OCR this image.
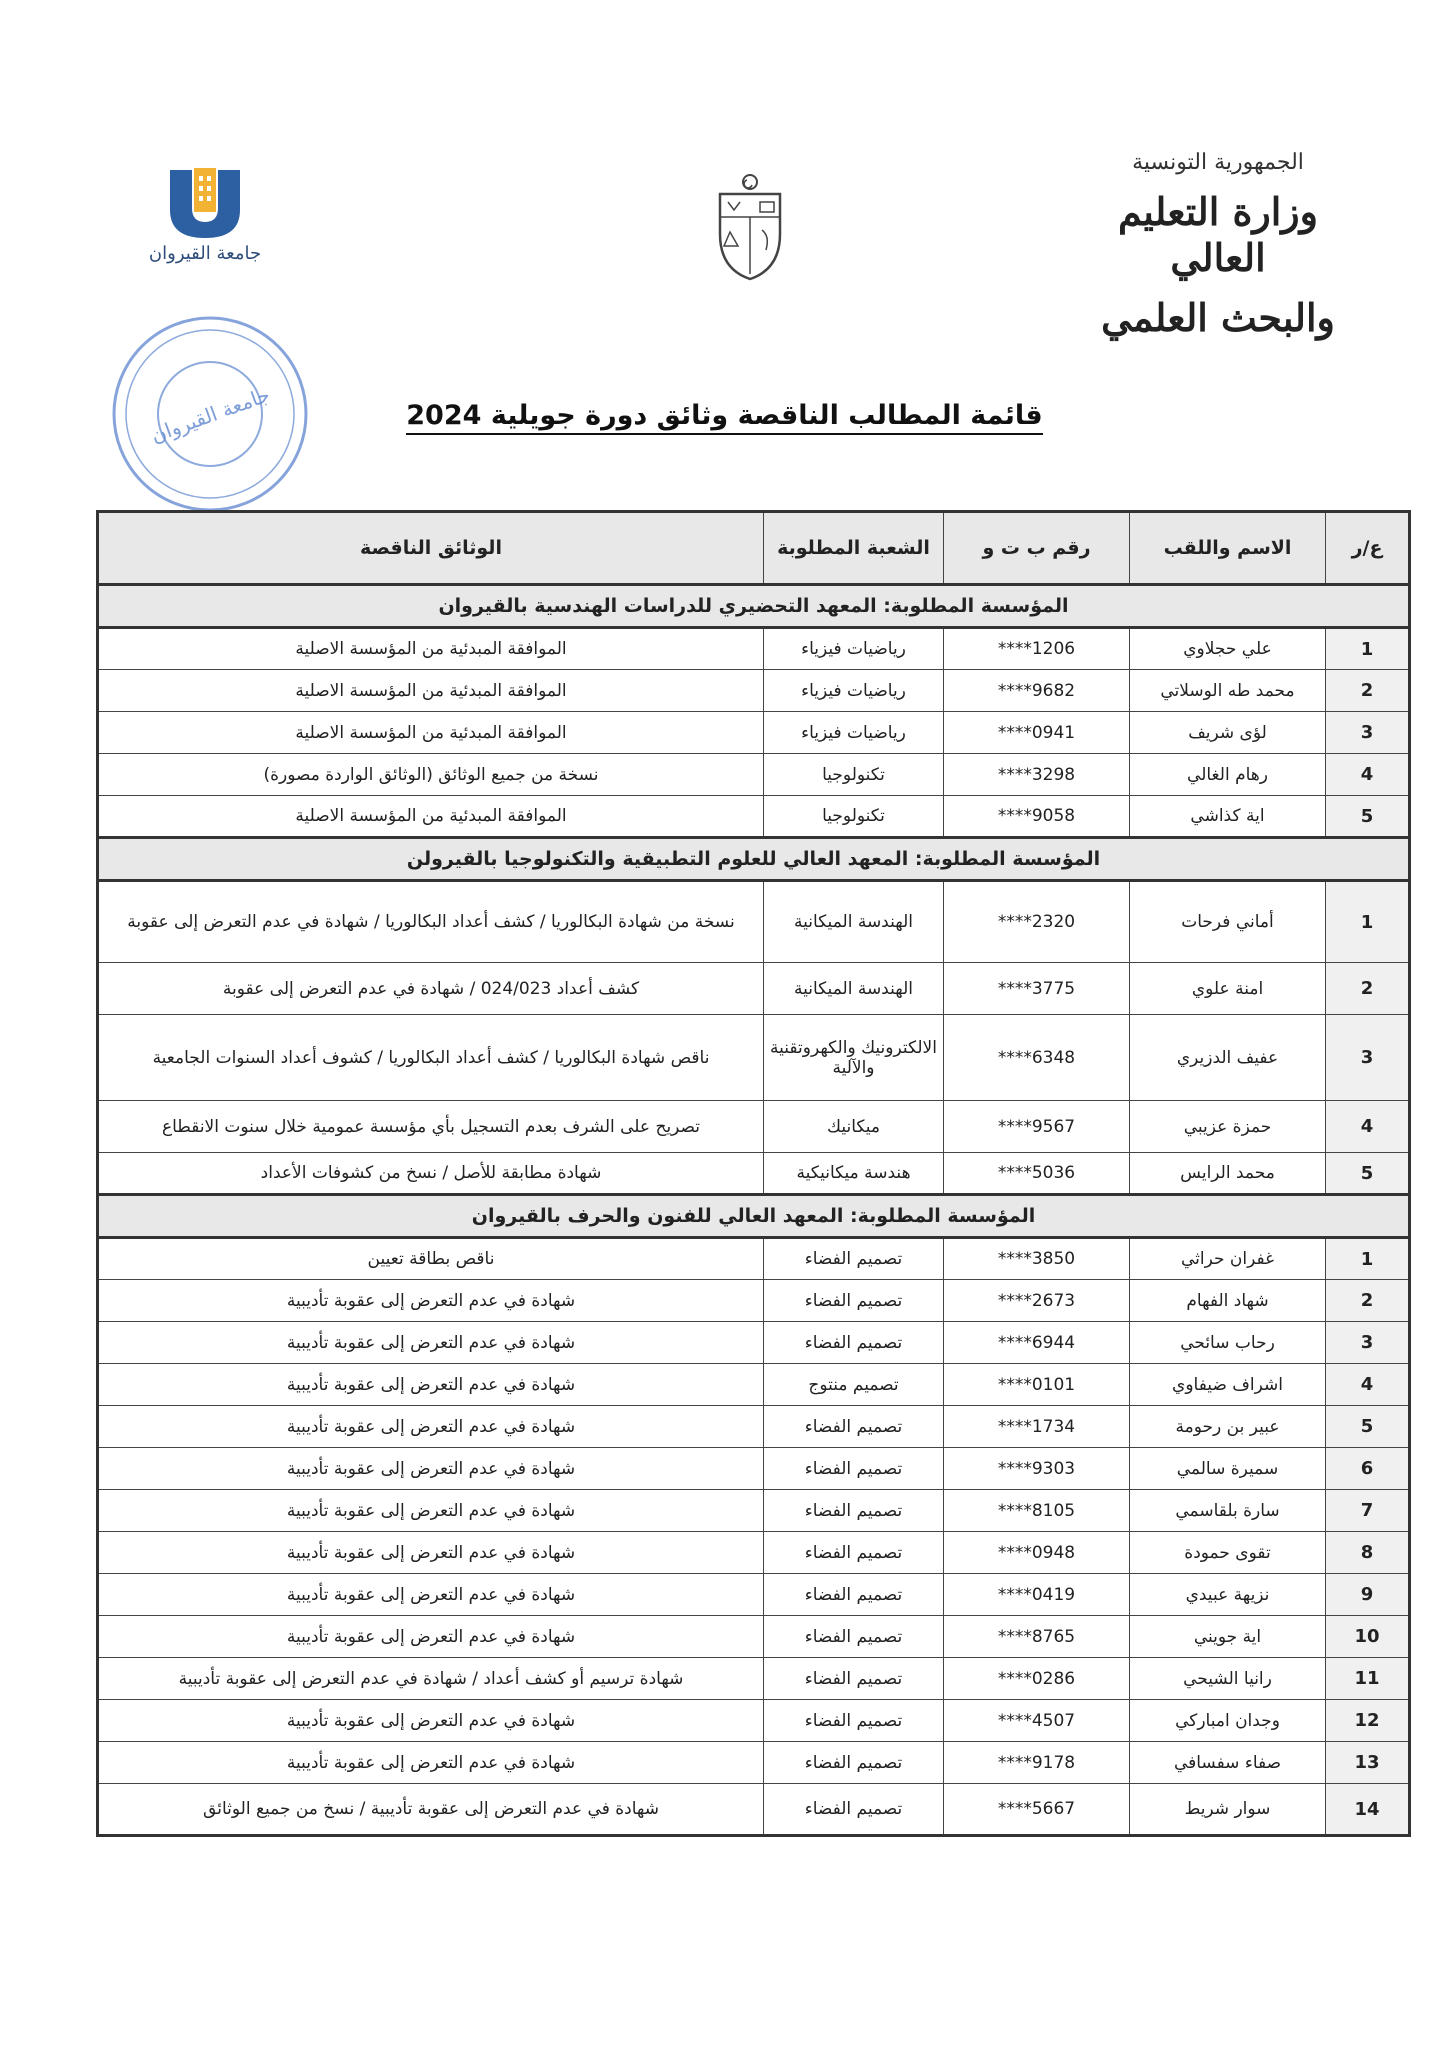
الجمهورية التونسية
وزارة التعليم العالي
والبحث العلمي
جامعة القيروان
جامعة القيروان	قائمة المطالب الناقصة وثائق دورة جويلية 2024
ع/ر	الاسم واللقب	رقم ب ت و	الشعبة المطلوبة	الوثائق الناقصة
المؤسسة المطلوبة: المعهد التحضيري للدراسات الهندسية بالقيروان				
1	علي حجلاوي	****1206	رياضيات فيزياء	الموافقة المبدئية من المؤسسة الاصلية
2	محمد طه الوسلاتي	****9682	رياضيات فيزياء	الموافقة المبدئية من المؤسسة الاصلية
3	لؤى شريف	****0941	رياضيات فيزياء	الموافقة المبدئية من المؤسسة الاصلية
4	رهام الغالي	****3298	تكنولوجيا	نسخة من جميع الوثائق (الوثائق الواردة مصورة)
5	اية كذاشي	****9058	تكنولوجيا	الموافقة المبدئية من المؤسسة الاصلية
المؤسسة المطلوبة: المعهد العالي للعلوم التطبيقية والتكنولوجيا بالقيرولن				
1	أماني فرحات	****2320	الهندسة الميكانية	نسخة من شهادة البكالوريا / كشف أعداد البكالوريا / شهادة في عدم التعرض إلى عقوبة
2	امنة علوي	****3775	الهندسة الميكانية	كشف أعداد 024/023 / شهادة في عدم التعرض إلى عقوبة
3	عفيف الدزيري	****6348	الالكترونيك والكهروتقنية والآلية	ناقص شهادة البكالوريا / كشف أعداد البكالوريا / كشوف أعداد السنوات الجامعية
4	حمزة عزيبي	****9567	ميكانيك	تصريح على الشرف بعدم التسجيل بأي مؤسسة عمومية خلال سنوت الانقطاع
5	محمد الرايس	****5036	هندسة ميكانيكية	شهادة مطابقة للأصل / نسخ من كشوفات الأعداد
المؤسسة المطلوبة: المعهد العالي للفنون والحرف بالقيروان				
1	غفران حراثي	****3850	تصميم الفضاء	ناقص بطاقة تعيين
2	شهاد الفهام	****2673	تصميم الفضاء	شهادة في عدم التعرض إلى عقوبة تأديبية
3	رحاب سائحي	****6944	تصميم الفضاء	شهادة في عدم التعرض إلى عقوبة تأديبية
4	اشراف ضيفاوي	****0101	تصميم منتوج	شهادة في عدم التعرض إلى عقوبة تأديبية
5	عبير بن رحومة	****1734	تصميم الفضاء	شهادة في عدم التعرض إلى عقوبة تأديبية
6	سميرة سالمي	****9303	تصميم الفضاء	شهادة في عدم التعرض إلى عقوبة تأديبية
7	سارة بلقاسمي	****8105	تصميم الفضاء	شهادة في عدم التعرض إلى عقوبة تأديبية
8	تقوى حمودة	****0948	تصميم الفضاء	شهادة في عدم التعرض إلى عقوبة تأديبية
9	نزيهة عبيدي	****0419	تصميم الفضاء	شهادة في عدم التعرض إلى عقوبة تأديبية
10	اية جويني	****8765	تصميم الفضاء	شهادة في عدم التعرض إلى عقوبة تأديبية
11	رانيا الشيحي	****0286	تصميم الفضاء	شهادة ترسيم أو كشف أعداد / شهادة في عدم التعرض إلى عقوبة تأديبية
12	وجدان امباركي	****4507	تصميم الفضاء	شهادة في عدم التعرض إلى عقوبة تأديبية
13	صفاء سفسافي	****9178	تصميم الفضاء	شهادة في عدم التعرض إلى عقوبة تأديبية
14	سوار شريط	****5667	تصميم الفضاء	شهادة في عدم التعرض إلى عقوبة تأديبية / نسخ من جميع الوثائق
